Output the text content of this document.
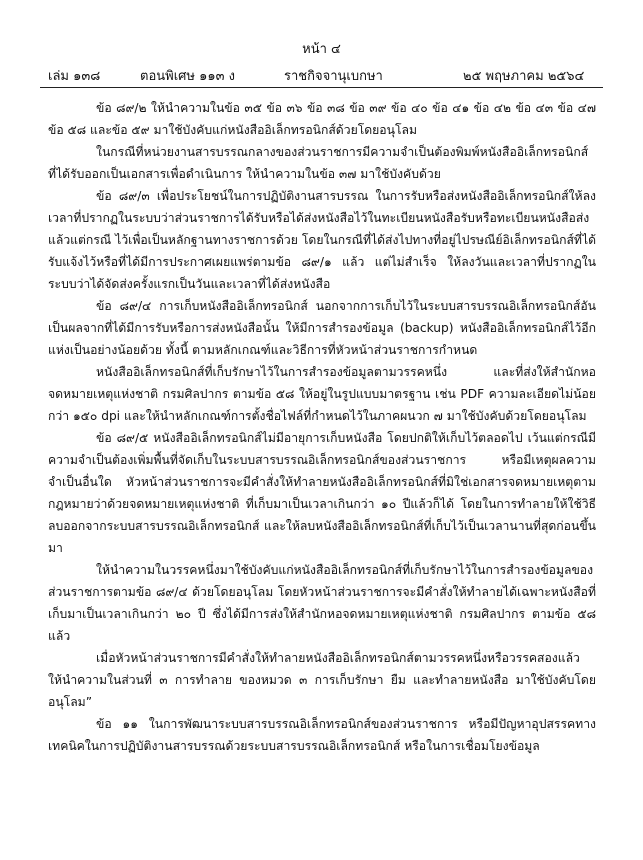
หน้า ๔
เล่ม ๑๓๘	ตอนพิเศษ ๑๑๓ ง	ราชกิจจานุเบกษา	๒๕ พฤษภาคม ๒๕๖๔

ข้อ ๘๙/๒ ให้นำความในข้อ ๓๕ ข้อ ๓๖ ข้อ ๓๘ ข้อ ๓๙ ข้อ ๔๐ ข้อ ๔๑ ข้อ ๔๒ ข้อ ๔๓ ข้อ ๔๗ ข้อ ๕๘ และข้อ ๕๙ มาใช้บังคับแก่หนังสืออิเล็กทรอนิกส์ด้วยโดยอนุโลม

ในกรณีที่หน่วยงานสารบรรณกลางของส่วนราชการมีความจำเป็นต้องพิมพ์หนังสืออิเล็กทรอนิกส์ที่ได้รับออกเป็นเอกสารเพื่อดำเนินการ ให้นำความในข้อ ๓๗ มาใช้บังคับด้วย

ข้อ ๘๙/๓ เพื่อประโยชน์ในการปฏิบัติงานสารบรรณ ในการรับหรือส่งหนังสืออิเล็กทรอนิกส์ให้ลงเวลาที่ปรากฏในระบบว่าส่วนราชการได้รับหรือได้ส่งหนังสือไว้ในทะเบียนหนังสือรับหรือทะเบียนหนังสือส่ง แล้วแต่กรณี ไว้เพื่อเป็นหลักฐานทางราชการด้วย โดยในกรณีที่ได้ส่งไปทางที่อยู่ไปรษณีย์อิเล็กทรอนิกส์ที่ได้รับแจ้งไว้หรือที่ได้มีการประกาศเผยแพร่ตามข้อ ๘๙/๑ แล้ว แต่ไม่สำเร็จ ให้ลงวันและเวลาที่ปรากฏในระบบว่าได้จัดส่งครั้งแรกเป็นวันและเวลาที่ได้ส่งหนังสือ

ข้อ ๘๙/๔ การเก็บหนังสืออิเล็กทรอนิกส์ นอกจากการเก็บไว้ในระบบสารบรรณอิเล็กทรอนิกส์อันเป็นผลจากที่ได้มีการรับหรือการส่งหนังสือนั้น ให้มีการสำรองข้อมูล (backup) หนังสืออิเล็กทรอนิกส์ไว้อีกแห่งเป็นอย่างน้อยด้วย ทั้งนี้ ตามหลักเกณฑ์และวิธีการที่หัวหน้าส่วนราชการกำหนด

หนังสืออิเล็กทรอนิกส์ที่เก็บรักษาไว้ในการสำรองข้อมูลตามวรรคหนึ่ง และที่ส่งให้สำนักหอจดหมายเหตุแห่งชาติ กรมศิลปากร ตามข้อ ๕๘ ให้อยู่ในรูปแบบมาตรฐาน เช่น PDF ความละเอียดไม่น้อยกว่า ๑๕๐ dpi และให้นำหลักเกณฑ์การตั้งชื่อไฟล์ที่กำหนดไว้ในภาคผนวก ๗ มาใช้บังคับด้วยโดยอนุโลม

ข้อ ๘๙/๕ หนังสืออิเล็กทรอนิกส์ไม่มีอายุการเก็บหนังสือ โดยปกติให้เก็บไว้ตลอดไป เว้นแต่กรณีมีความจำเป็นต้องเพิ่มพื้นที่จัดเก็บในระบบสารบรรณอิเล็กทรอนิกส์ของส่วนราชการ หรือมีเหตุผลความจำเป็นอื่นใด หัวหน้าส่วนราชการจะมีคำสั่งให้ทำลายหนังสืออิเล็กทรอนิกส์ที่มิใช่เอกสารจดหมายเหตุตามกฎหมายว่าด้วยจดหมายเหตุแห่งชาติ ที่เก็บมาเป็นเวลาเกินกว่า ๑๐ ปีแล้วก็ได้ โดยในการทำลายให้ใช้วิธีลบออกจากระบบสารบรรณอิเล็กทรอนิกส์ และให้ลบหนังสืออิเล็กทรอนิกส์ที่เก็บไว้เป็นเวลานานที่สุดก่อนขึ้นมา

ให้นำความในวรรคหนึ่งมาใช้บังคับแก่หนังสืออิเล็กทรอนิกส์ที่เก็บรักษาไว้ในการสำรองข้อมูลของส่วนราชการตามข้อ ๘๙/๔ ด้วยโดยอนุโลม โดยหัวหน้าส่วนราชการจะมีคำสั่งให้ทำลายได้เฉพาะหนังสือที่เก็บมาเป็นเวลาเกินกว่า ๒๐ ปี ซึ่งได้มีการส่งให้สำนักหอจดหมายเหตุแห่งชาติ กรมศิลปากร ตามข้อ ๕๘ แล้ว

เมื่อหัวหน้าส่วนราชการมีคำสั่งให้ทำลายหนังสืออิเล็กทรอนิกส์ตามวรรคหนึ่งหรือวรรคสองแล้ว ให้นำความในส่วนที่ ๓ การทำลาย ของหมวด ๓ การเก็บรักษา ยืม และทำลายหนังสือ มาใช้บังคับโดยอนุโลม”

ข้อ ๑๑ ในการพัฒนาระบบสารบรรณอิเล็กทรอนิกส์ของส่วนราชการ หรือมีปัญหาอุปสรรคทางเทคนิคในการปฏิบัติงานสารบรรณด้วยระบบสารบรรณอิเล็กทรอนิกส์ หรือในการเชื่อมโยงข้อมูล
